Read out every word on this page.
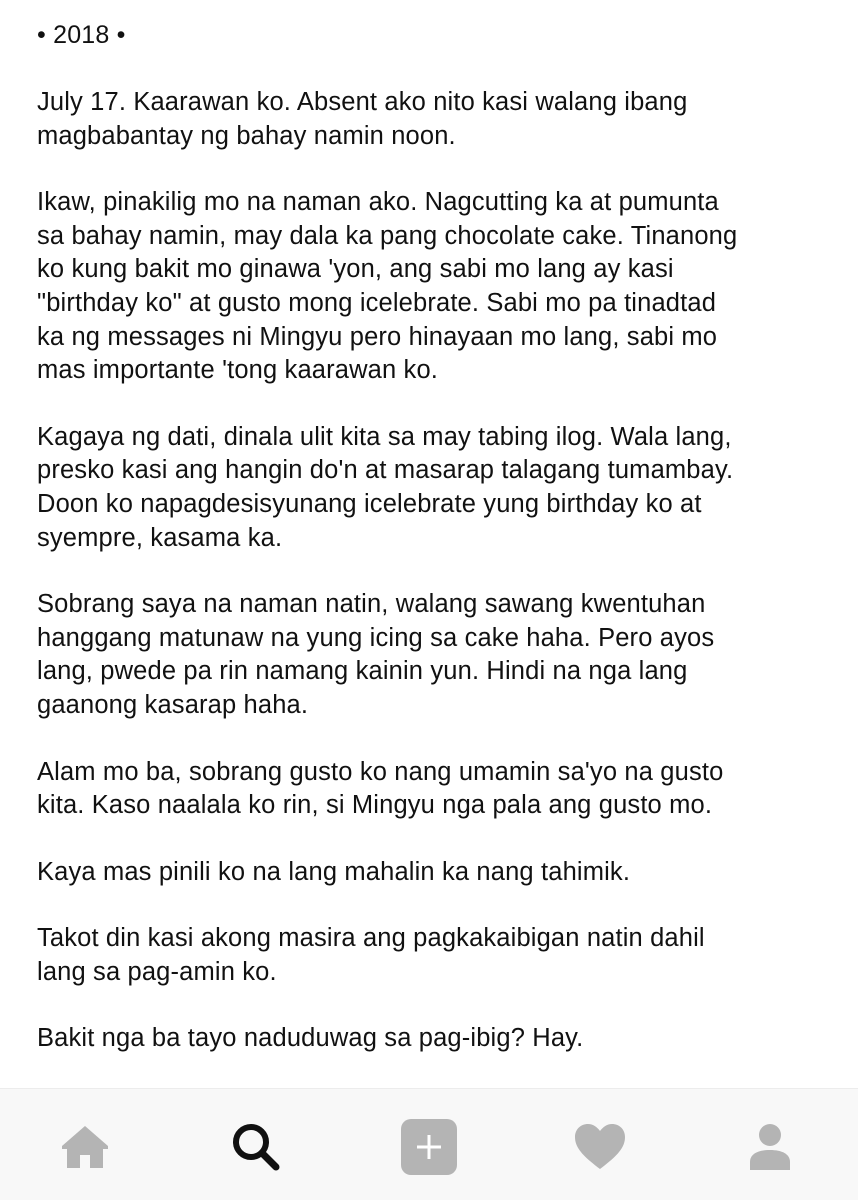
• 2018 •
July 17. Kaarawan ko. Absent ako nito kasi walang ibang
magbabantay ng bahay namin noon.
Ikaw, pinakilig mo na naman ako. Nagcutting ka at pumunta
sa bahay namin, may dala ka pang chocolate cake. Tinanong
ko kung bakit mo ginawa 'yon, ang sabi mo lang ay kasi
"birthday ko" at gusto mong icelebrate. Sabi mo pa tinadtad
ka ng messages ni Mingyu pero hinayaan mo lang, sabi mo
mas importante 'tong kaarawan ko.
Kagaya ng dati, dinala ulit kita sa may tabing ilog. Wala lang,
presko kasi ang hangin do'n at masarap talagang tumambay.
Doon ko napagdesisyunang icelebrate yung birthday ko at
syempre, kasama ka.
Sobrang saya na naman natin, walang sawang kwentuhan
hanggang matunaw na yung icing sa cake haha. Pero ayos
lang, pwede pa rin namang kainin yun. Hindi na nga lang
gaanong kasarap haha.
Alam mo ba, sobrang gusto ko nang umamin sa'yo na gusto
kita. Kaso naalala ko rin, si Mingyu nga pala ang gusto mo.
Kaya mas pinili ko na lang mahalin ka nang tahimik.
Takot din kasi akong masira ang pagkakaibigan natin dahil
lang sa pag-amin ko.
Bakit nga ba tayo naduduwag sa pag-ibig? Hay.
